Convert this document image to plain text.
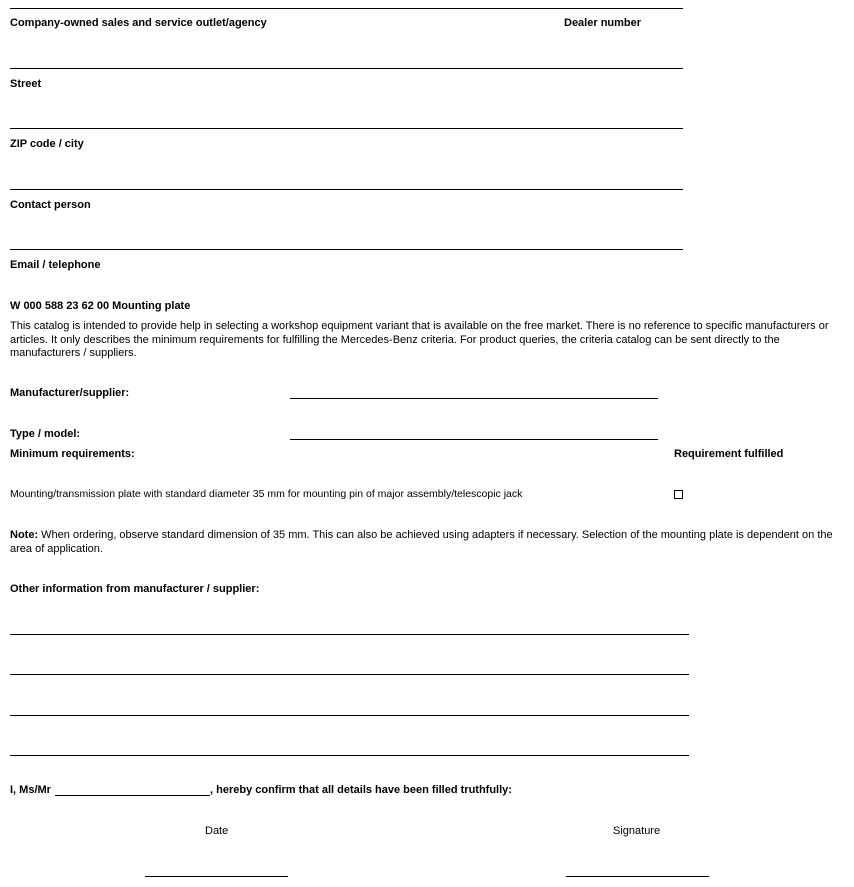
Company-owned sales and service outlet/agency	Dealer number
Street
ZIP code / city
Contact person
Email / telephone
W 000 588 23 62 00 Mounting plate
This catalog is intended to provide help in selecting a workshop equipment variant that is available on the free market. There is no reference to specific manufacturers or articles. It only describes the minimum requirements for fulfilling the Mercedes-Benz criteria. For product queries, the criteria catalog can be sent directly to the manufacturers / suppliers.
Manufacturer/supplier:
Type / model:
Minimum requirements:	Requirement fulfilled
Mounting/transmission plate with standard diameter 35 mm for mounting pin of major assembly/telescopic jack
Note: When ordering, observe standard dimension of 35 mm. This can also be achieved using adapters if necessary. Selection of the mounting plate is dependent on the area of application.
Other information from manufacturer / supplier:
I, Ms/Mr	, hereby confirm that all details have been filled truthfully:
Date	Signature
